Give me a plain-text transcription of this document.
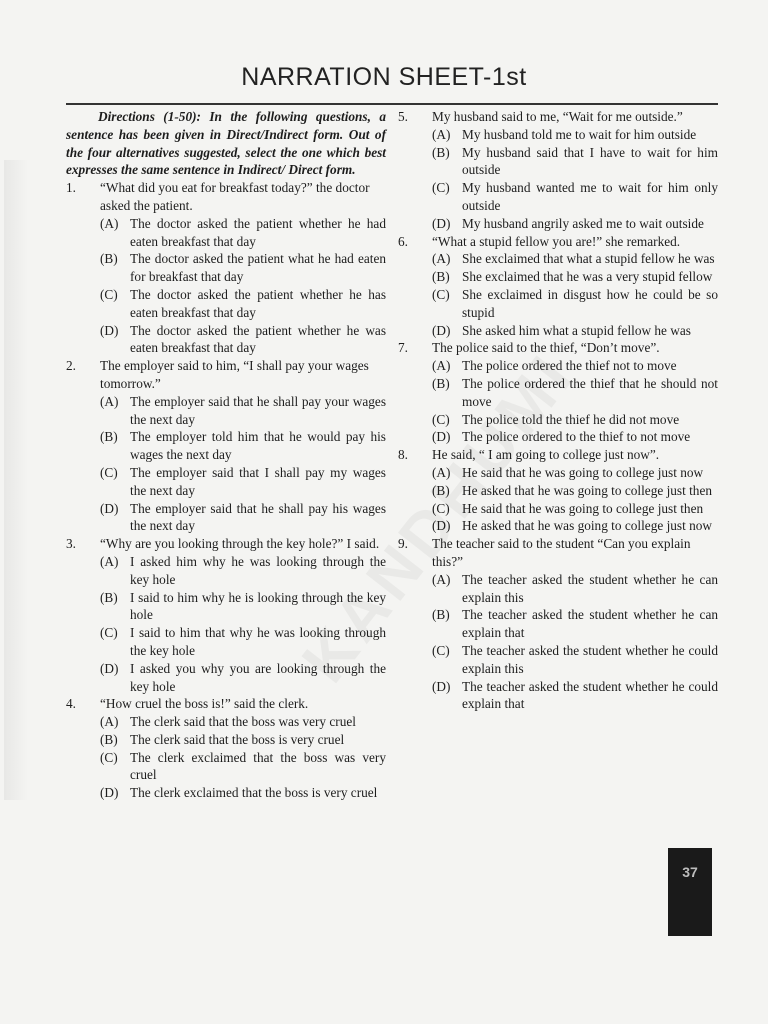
NARRATION SHEET-1st

Directions (1-50): In the following questions, a sentence has been given in Direct/Indirect form. Out of the four alternatives suggested, select the one which best expresses the same sentence in Indirect/ Direct form.

1.	“What did you eat for breakfast today?” the doctor asked the patient.
(A) The doctor asked the patient whether he had eaten breakfast that day
(B) The doctor asked the patient what he had eaten for breakfast that day
(C) The doctor asked the patient whether he has eaten breakfast that day
(D) The doctor asked the patient whether he was eaten breakfast that day
2.	The employer said to him, “I shall pay your wages tomorrow.”
(A) The employer said that he shall pay your wages the next day
(B) The employer told him that he would pay his wages the next day
(C) The employer said that I shall pay my wages the next day
(D) The employer said that he shall pay his wages the next day
3.	“Why are you looking through the key hole?” I said.
(A) I asked him why he was looking through the key hole
(B) I said to him why he is looking through the key hole
(C) I said to him that why he was looking through the key hole
(D) I asked you why you are looking through the key hole
4.	“How cruel the boss is!” said the clerk.
(A) The clerk said that the boss was very cruel
(B) The clerk said that the boss is very cruel
(C) The clerk exclaimed that the boss was very cruel
(D) The clerk exclaimed that the boss is very cruel
5.	My husband said to me, “Wait for me outside.”
(A) My husband told me to wait for him outside
(B) My husband said that I have to wait for him outside
(C) My husband wanted me to wait for him only outside
(D) My husband angrily asked me to wait outside
6.	“What a stupid fellow you are!” she remarked.
(A) She exclaimed that what a stupid fellow he was
(B) She exclaimed that he was a very stupid fellow
(C) She exclaimed in disgust how he could be so stupid
(D) She asked him what a stupid fellow he was
7.	The police said to the thief, “Don’t move”.
(A) The police ordered the thief not to move
(B) The police ordered the thief that he should not move
(C) The police told the thief he did not move
(D) The police ordered to the thief to not move
8.	He said, “ I am going to college just now”.
(A) He said that he was going to college just now
(B) He asked that he was going to college just then
(C) He said that he was going to college just then
(D) He asked that he was going to college just now
9.	The teacher said to the student “Can you explain this?”
(A) The teacher asked the student whether he can explain this
(B) The teacher asked the student whether he can explain that
(C) The teacher asked the student whether he could explain this
(D) The teacher asked the student whether he could explain that
37
